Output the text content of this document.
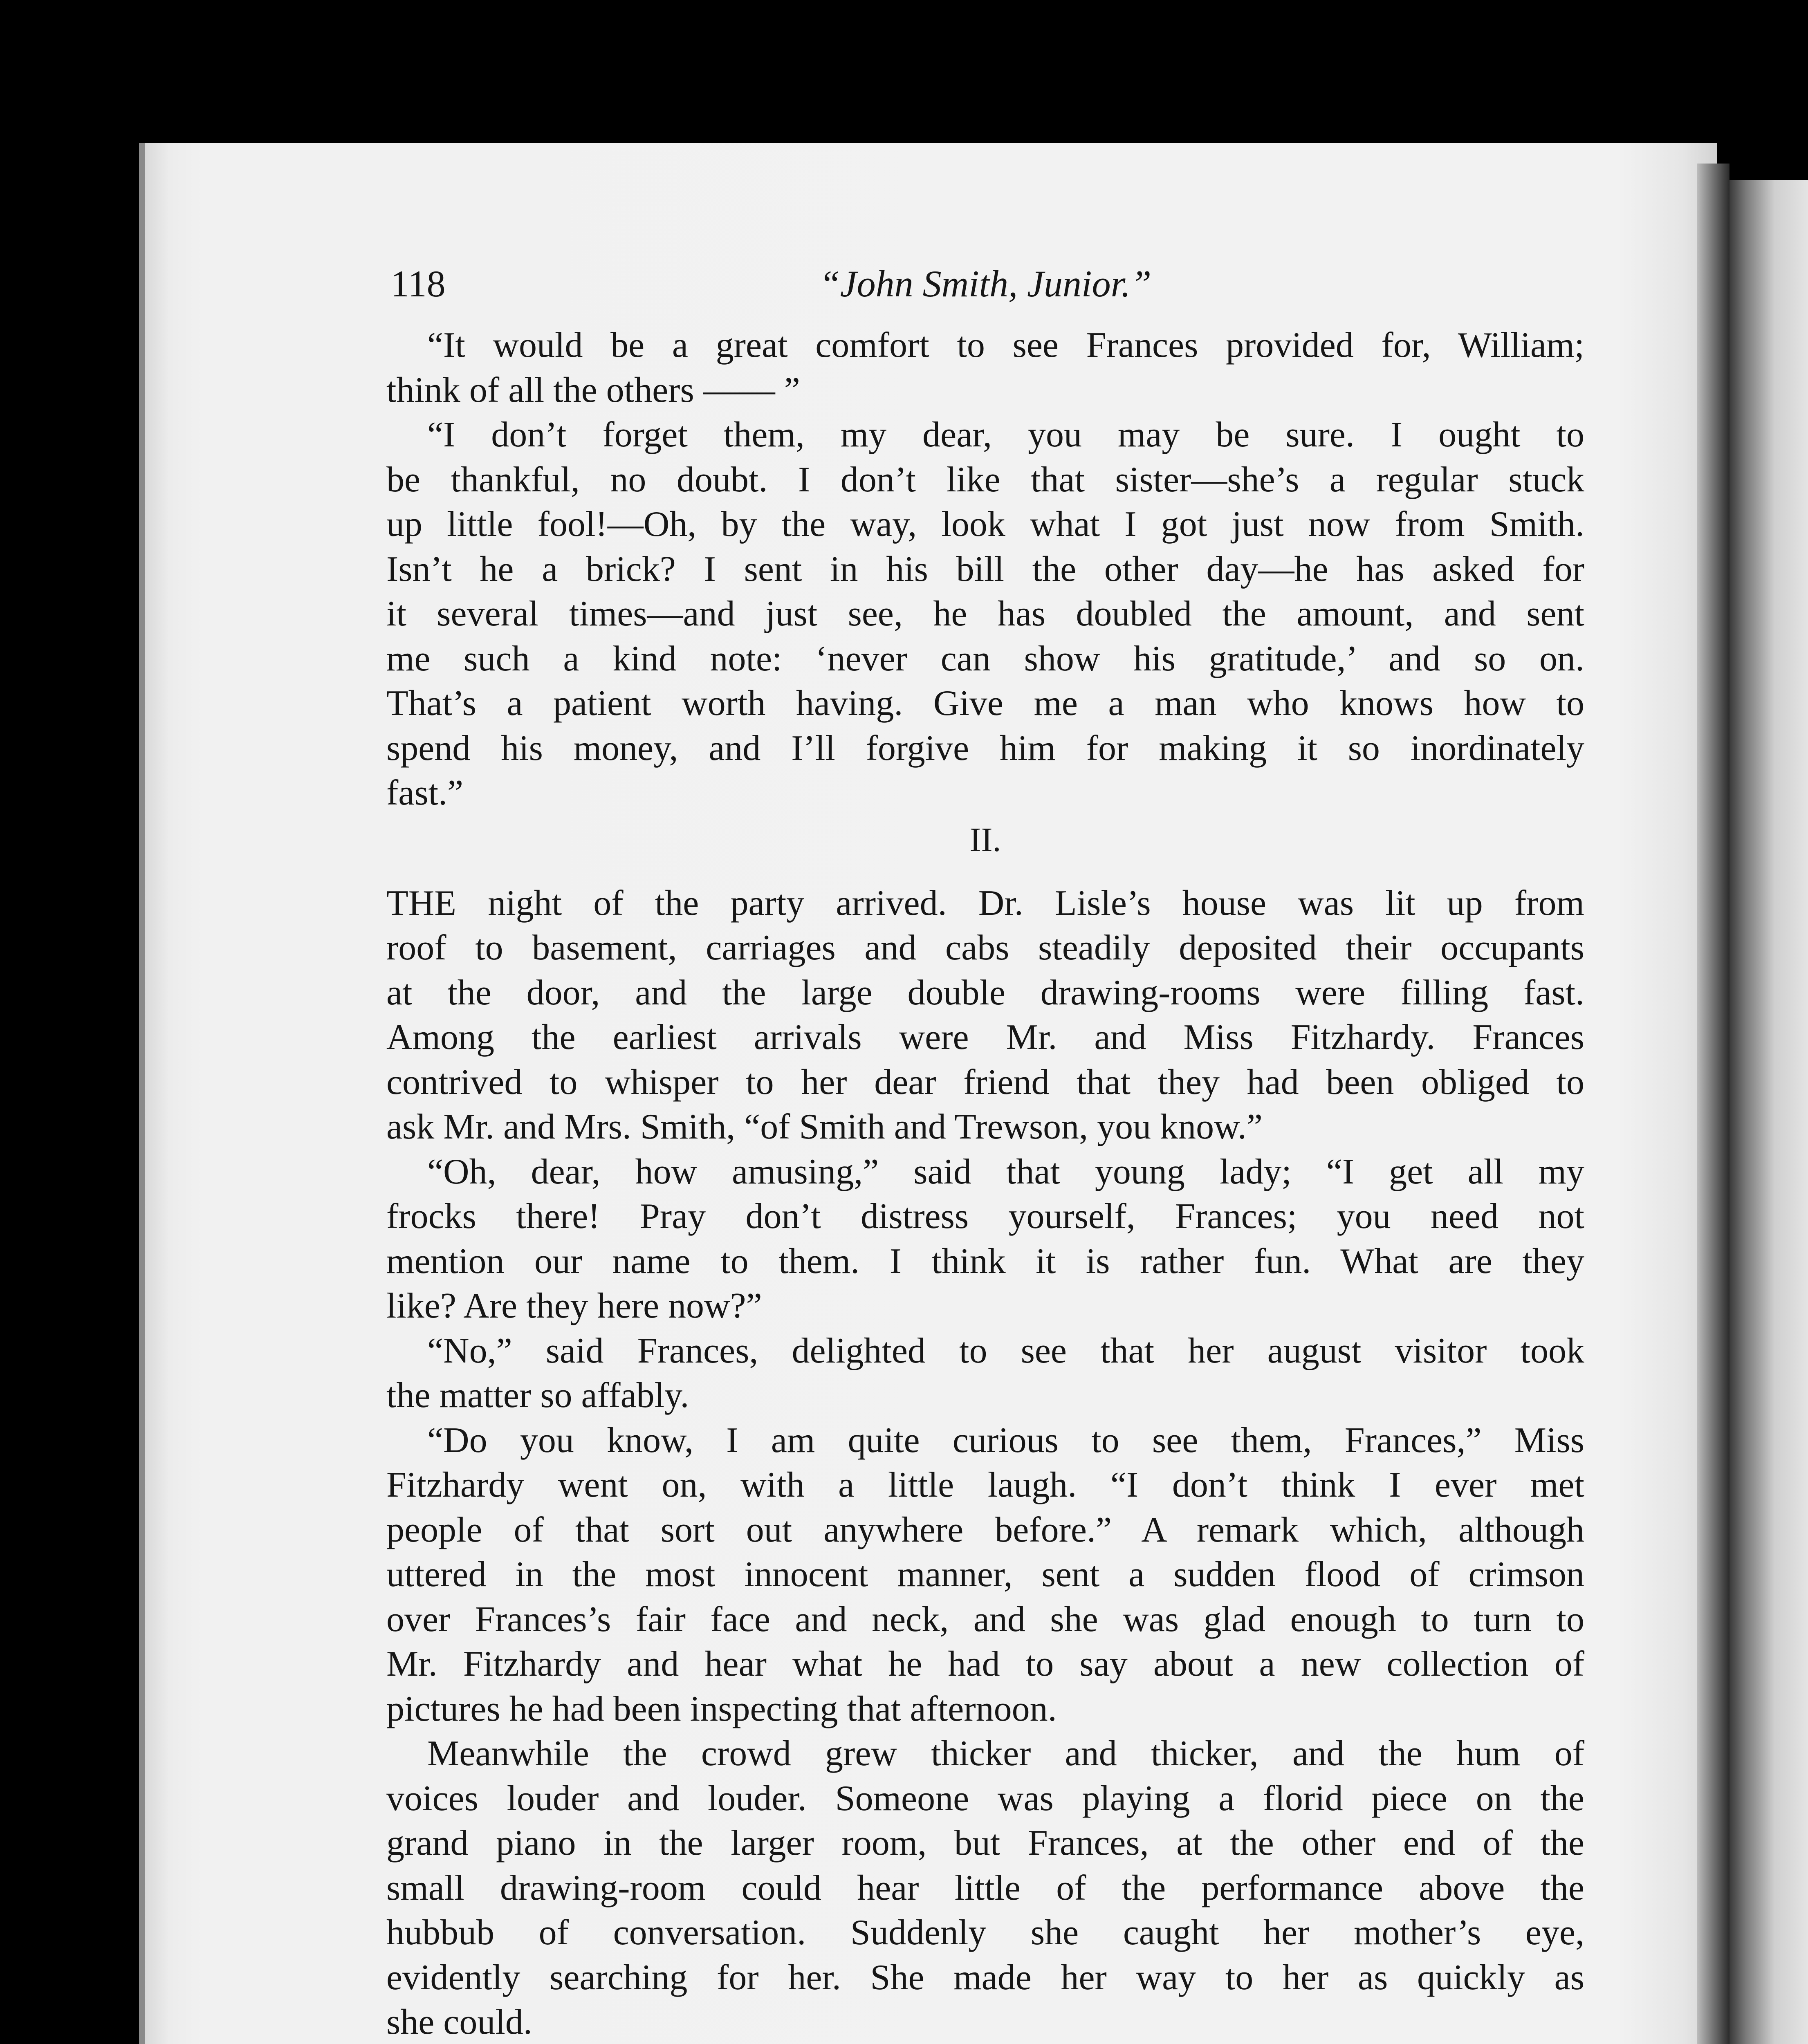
118	“John Smith, Junior.”
“It would be a great comfort to see Frances provided for, William;
think of all the others —— ”
“I don’t forget them, my dear, you may be sure. I ought to
be thankful, no doubt. I don’t like that sister—she’s a regular stuck
up little fool!—Oh, by the way, look what I got just now from Smith.
Isn’t he a brick? I sent in his bill the other day—he has asked for
it several times—and just see, he has doubled the amount, and sent
me such a kind note: ‘never can show his gratitude,’ and so on.
That’s a patient worth having. Give me a man who knows how to
spend his money, and I’ll forgive him for making it so inordinately
fast.”
II.
THE night of the party arrived. Dr. Lisle’s house was lit up from
roof to basement, carriages and cabs steadily deposited their occupants
at the door, and the large double drawing-rooms were filling fast.
Among the earliest arrivals were Mr. and Miss Fitzhardy. Frances
contrived to whisper to her dear friend that they had been obliged to
ask Mr. and Mrs. Smith, “of Smith and Trewson, you know.”
“Oh, dear, how amusing,” said that young lady; “I get all my
frocks there! Pray don’t distress yourself, Frances; you need not
mention our name to them. I think it is rather fun. What are they
like? Are they here now?”
“No,” said Frances, delighted to see that her august visitor took
the matter so affably.
“Do you know, I am quite curious to see them, Frances,” Miss
Fitzhardy went on, with a little laugh. “I don’t think I ever met
people of that sort out anywhere before.” A remark which, although
uttered in the most innocent manner, sent a sudden flood of crimson
over Frances’s fair face and neck, and she was glad enough to turn to
Mr. Fitzhardy and hear what he had to say about a new collection of
pictures he had been inspecting that afternoon.
Meanwhile the crowd grew thicker and thicker, and the hum of
voices louder and louder. Someone was playing a florid piece on the
grand piano in the larger room, but Frances, at the other end of the
small drawing-room could hear little of the performance above the
hubbub of conversation. Suddenly she caught her mother’s eye,
evidently searching for her. She made her way to her as quickly as
she could.
